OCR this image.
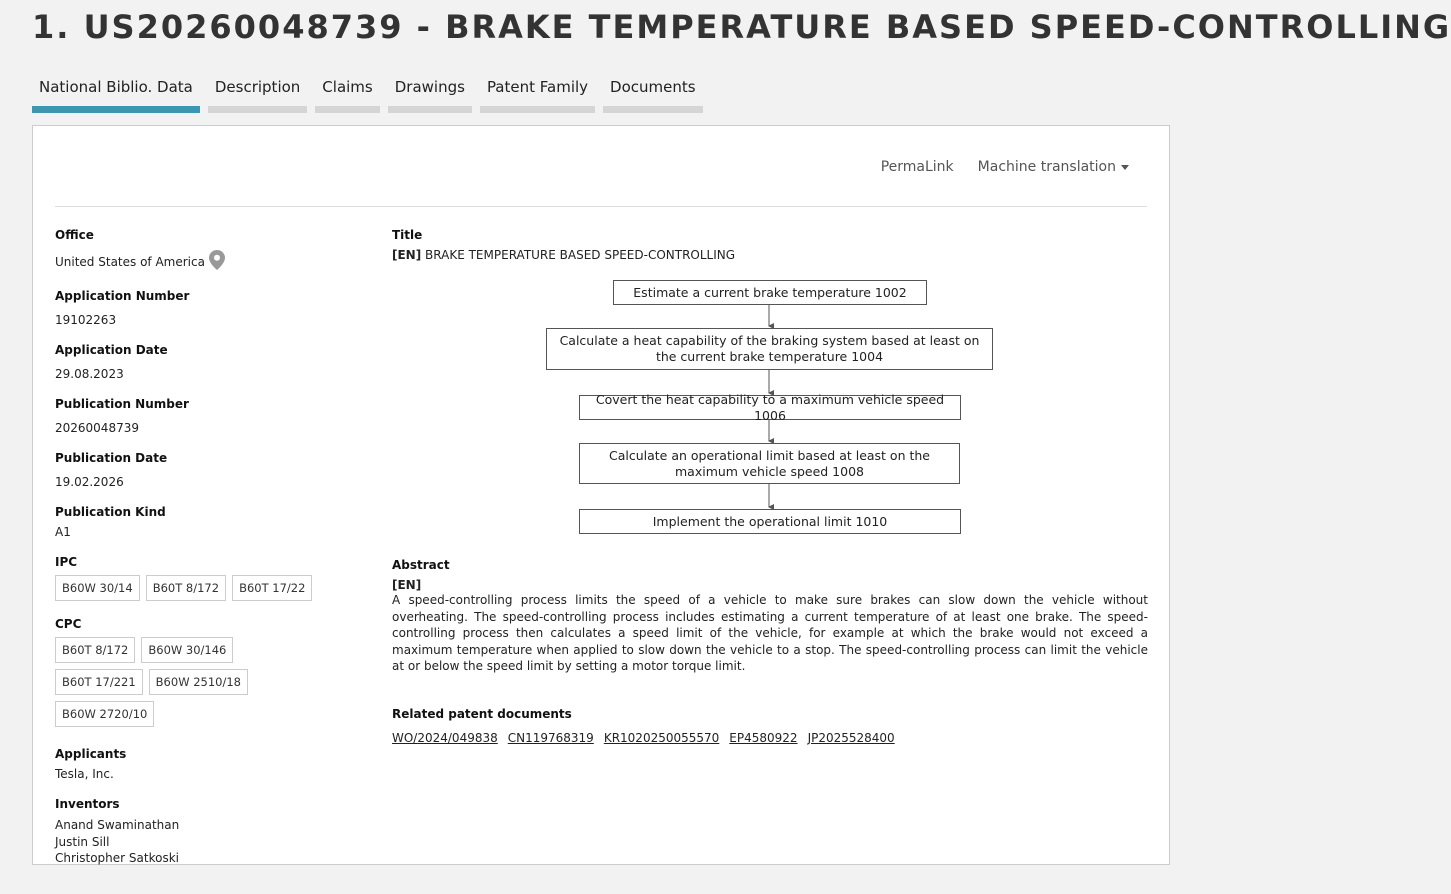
1. US20260048739 - BRAKE TEMPERATURE BASED SPEED-CONTROLLING
National Biblio. Data	Description	Claims	Drawings	Patent Family	Documents
PermaLink Machine translation
Office
United States of America
Application Number
19102263
Application Date
29.08.2023
Publication Number
20260048739
Publication Date
19.02.2026
Publication Kind
A1
IPC
B60W 30/14	B60T 8/172	B60T 17/22
CPC
B60T 8/172	B60W 30/146
B60T 17/221	B60W 2510/18
B60W 2720/10
Applicants
Tesla, Inc.
Inventors
Anand Swaminathan
Justin Sill
Christopher Satkoski
Title
[EN] BRAKE TEMPERATURE BASED SPEED-CONTROLLING
Estimate a current brake temperature 1002
Calculate a heat capability of the braking system based at least on the current brake temperature 1004
Covert the heat capability to a maximum vehicle speed 1006
Calculate an operational limit based at least on the maximum vehicle speed 1008
Implement the operational limit 1010
Abstract
[EN]
A speed-controlling process limits the speed of a vehicle to make sure brakes can slow down the vehicle without overheating. The speed-controlling process includes estimating a current temperature of at least one brake. The speed-controlling process then calculates a speed limit of the vehicle, for example at which the brake would not exceed a maximum temperature when applied to slow down the vehicle to a stop. The speed-controlling process can limit the vehicle at or below the speed limit by setting a motor torque limit.
Related patent documents
WO/2024/049838 CN119768319 KR1020250055570 EP4580922 JP2025528400
